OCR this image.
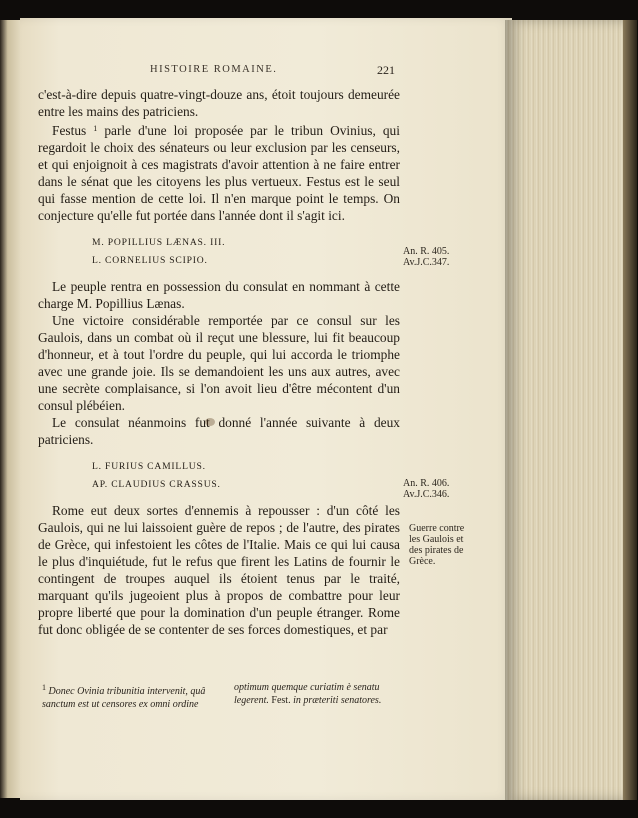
HISTOIRE ROMAINE.	221

c'est-à-dire depuis quatre-vingt-douze ans, étoit toujours demeurée entre les mains des patriciens.

Festus $^1$ parle d'une loi proposée par le tribun Ovinius, qui regardoit le choix des sénateurs ou leur exclusion par les censeurs, et qui enjoignoit à ces magistrats d'avoir attention à ne faire entrer dans le sénat que les citoyens les plus vertueux. Festus est le seul qui fasse mention de cette loi. Il n'en marque point le temps. On conjecture qu'elle fut portée dans l'année dont il s'agit ici.

M. POPILLIUS LÆNAS. III.
L. CORNELIUS SCIPIO.

Le peuple rentra en possession du consulat en nommant à cette charge M. Popillius Lænas.

Une victoire considérable remportée par ce consul sur les Gaulois, dans un combat où il reçut une blessure, lui fit beaucoup d'honneur, et à tout l'ordre du peuple, qui lui accorda le triomphe avec une grande joie. Ils se demandoient les uns aux autres, avec une secrète complaisance, si l'on avoit lieu d'être mécontent d'un consul plébéien.

Le consulat néanmoins fut donné l'année suivante à deux patriciens.

L. FURIUS CAMILLUS.
AP. CLAUDIUS CRASSUS.

Rome eut deux sortes d'ennemis à repousser : d'un côté les Gaulois, qui ne lui laissoient guère de repos ; de l'autre, des pirates de Grèce, qui infestoient les côtes de l'Italie. Mais ce qui lui causa le plus d'inquiétude, fut le refus que firent les Latins de fournir le contingent de troupes auquel ils étoient tenus par le traité, marquant qu'ils jugeoient plus à propos de combattre pour leur propre liberté que pour la domination d'un peuple étranger. Rome fut donc obligée de se contenter de ses forces domestiques, et par

An. R. 405.
Av.J.C.347.
An. R. 406.
Av.J.C.346.
Guerre contre les Gaulois et des pirates de Grèce.
$^1$ Donec Ovinia tribunitia intervenit, quâ sanctum est ut censores ex omni ordine optimum quemque curiatim è senatu legerent. Fest. in præteriti senatores.
